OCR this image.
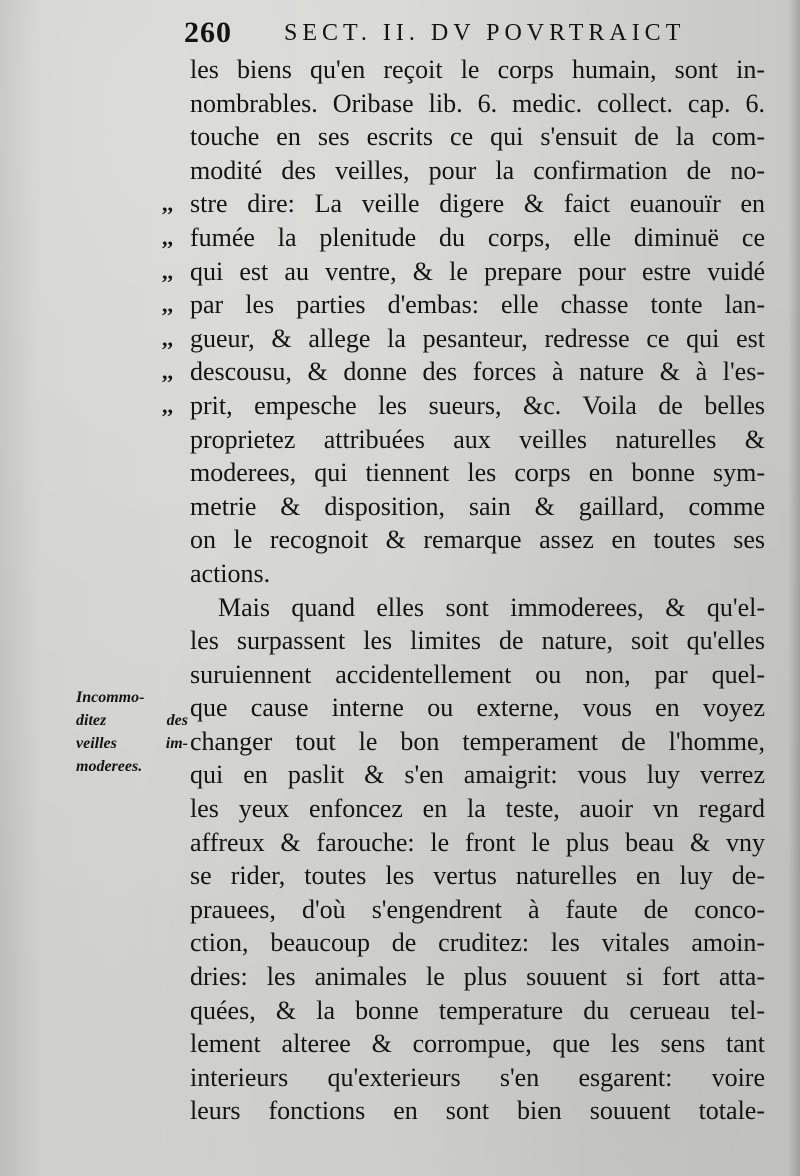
260 SECT. II. DV POVRTRAICT
les biens qu'en reçoit le corps humain, sont in-
nombrables. Oribase lib. 6. medic. collect. cap. 6.
touche en ses escrits ce qui s'ensuit de la com-
modité des veilles, pour la confirmation de no-
,, stre dire: La veille digere & faict euanouïr en
,, fumée la plenitude du corps, elle diminuë ce
,, qui est au ventre, & le prepare pour estre vuidé
,, par les parties d'embas: elle chasse tonte lan-
,, gueur, & allege la pesanteur, redresse ce qui est
,, descousu, & donne des forces à nature & à l'es-
,, prit, empesche les sueurs, &c. Voila de belles
proprietez attribuées aux veilles naturelles &
moderees, qui tiennent les corps en bonne sym-
metrie & disposition, sain & gaillard, comme
on le recognoit & remarque assez en toutes ses
actions.
Mais quand elles sont immoderees, & qu'el-
les surpassent les limites de nature, soit qu'elles
suruiennent accidentellement ou non, par quel-
que cause interne ou externe, vous en voyez
changer tout le bon temperament de l'homme,
qui en paslit & s'en amaigrit: vous luy verrez
les yeux enfoncez en la teste, auoir vn regard
affreux & farouche: le front le plus beau & vny
se rider, toutes les vertus naturelles en luy de-
prauees, d'où s'engendrent à faute de conco-
ction, beaucoup de cruditez: les vitales amoin-
dries: les animales le plus souuent si fort atta-
quées, & la bonne temperature du cerueau tel-
lement alteree & corrompue, que les sens tant
interieurs qu'exterieurs s'en esgarent: voire
leurs fonctions en sont bien souuent totale-
Incommo-
ditez des
veilles im-
moderees.
